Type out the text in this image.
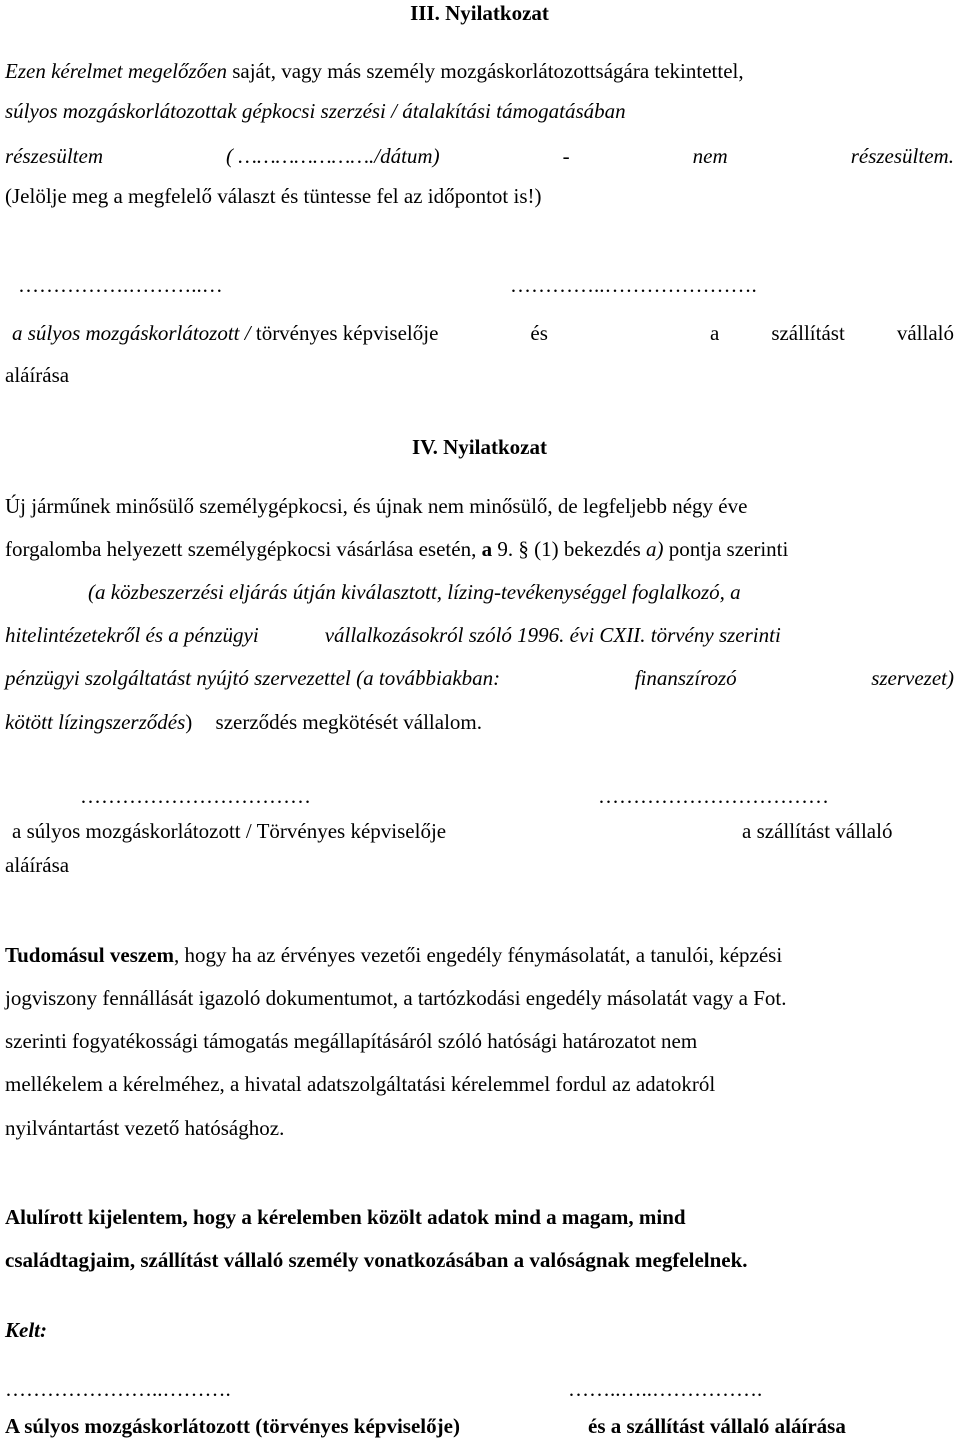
III. Nyilatkozat
Ezen kérelmet megelőzően saját, vagy más személy mozgáskorlátozottságára tekintettel,
súlyos mozgáskorlátozottak gépkocsi szerzési / átalakítási támogatásában
részesültem	( …………………./dátum)	-	nem	részesültem.
(Jelölje meg a megfelelő választ és tüntesse fel az időpontot is!)
…………….………..…	…………..………………….
a súlyos mozgáskorlátozott / törvényes képviselője	és	a szállítást vállaló
aláírása
IV. Nyilatkozat
Új járműnek minősülő személygépkocsi, és újnak nem minősülő, de legfeljebb négy éve
forgalomba helyezett személygépkocsi vásárlása esetén, a 9. § (1) bekezdés a) pontja szerinti
(a közbeszerzési eljárás útján kiválasztott, lízing-tevékenységgel foglalkozó, a
hitelintézetekről és a pénzügyi	vállalkozásokról szóló 1996. évi CXII. törvény szerinti
pénzügyi szolgáltatást nyújtó szervezettel (a továbbiakban:	finanszírozó	szervezet)
kötött lízingszerződés) szerződés megkötését vállalom.
……………………………	……………………………
a súlyos mozgáskorlátozott / Törvényes képviselője	a szállítást vállaló
aláírása
Tudomásul veszem, hogy ha az érvényes vezetői engedély fénymásolatát, a tanulói, képzési
jogviszony fennállását igazoló dokumentumot, a tartózkodási engedély másolatát vagy a Fot.
szerinti fogyatékossági támogatás megállapításáról szóló hatósági határozatot nem
mellékelem a kérelméhez, a hivatal adatszolgáltatási kérelemmel fordul az adatokról
nyilvántartást vezető hatósághoz.
Alulírott kijelentem, hogy a kérelemben közölt adatok mind a magam, mind
családtagjaim, szállítást vállaló személy vonatkozásában a valóságnak megfelelnek.
Kelt:
…………………..……….	……..…..…………….
A súlyos mozgáskorlátozott (törvényes képviselője)	és a szállítást vállaló aláírása
